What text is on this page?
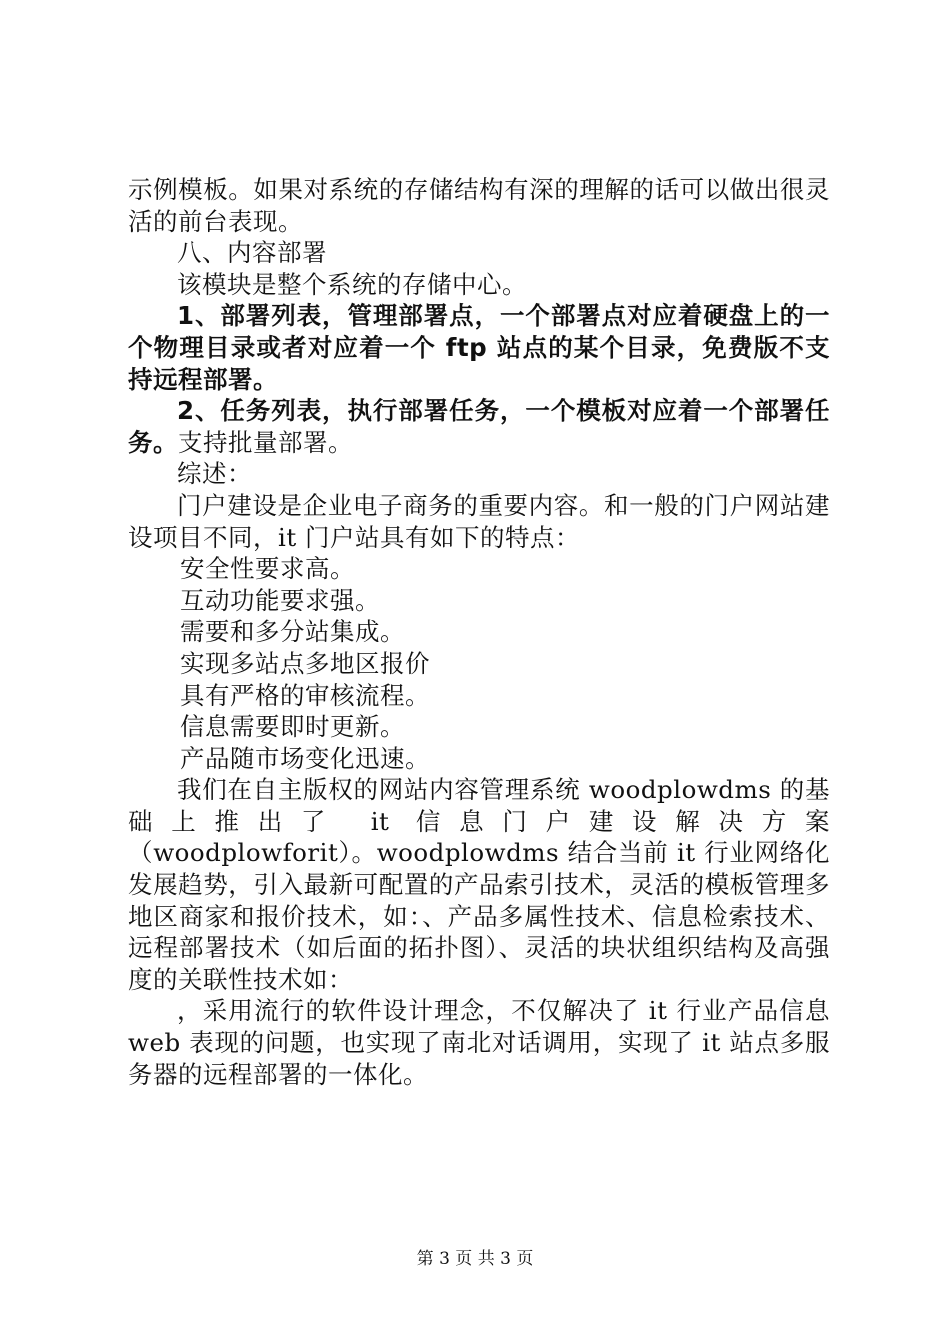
示例模板。如果对系统的存储结构有深的理解的话可以做出很灵活的前台表现。

八、内容部署

该模块是整个系统的存储中心。

1、部署列表，管理部署点，一个部署点对应着硬盘上的一个物理目录或者对应着一个 ftp 站点的某个目录，免费版不支持远程部署。

2、任务列表，执行部署任务，一个模板对应着一个部署任务。支持批量部署。

综述：

门户建设是企业电子商务的重要内容。和一般的门户网站建设项目不同，it 门户站具有如下的特点：

安全性要求高。

互动功能要求强。

需要和多分站集成。

实现多站点多地区报价

具有严格的审核流程。

信息需要即时更新。

产品随市场变化迅速。

我们在自主版权的网站内容管理系统 woodplowdms 的基础上推出了 it 信息门户建设解决方案

（woodplowforit）。woodplowdms 结合当前 it 行业网络化发展趋势，引入最新可配置的产品索引技术，灵活的模板管理多地区商家和报价技术，如：、产品多属性技术、信息检索技术、远程部署技术（如后面的拓扑图）、灵活的块状组织结构及高强度的关联性技术如：

，采用流行的软件设计理念，不仅解决了 it 行业产品信息 web 表现的问题，也实现了南北对话调用，实现了 it 站点多服务器的远程部署的一体化。

第 3 页 共 3 页
